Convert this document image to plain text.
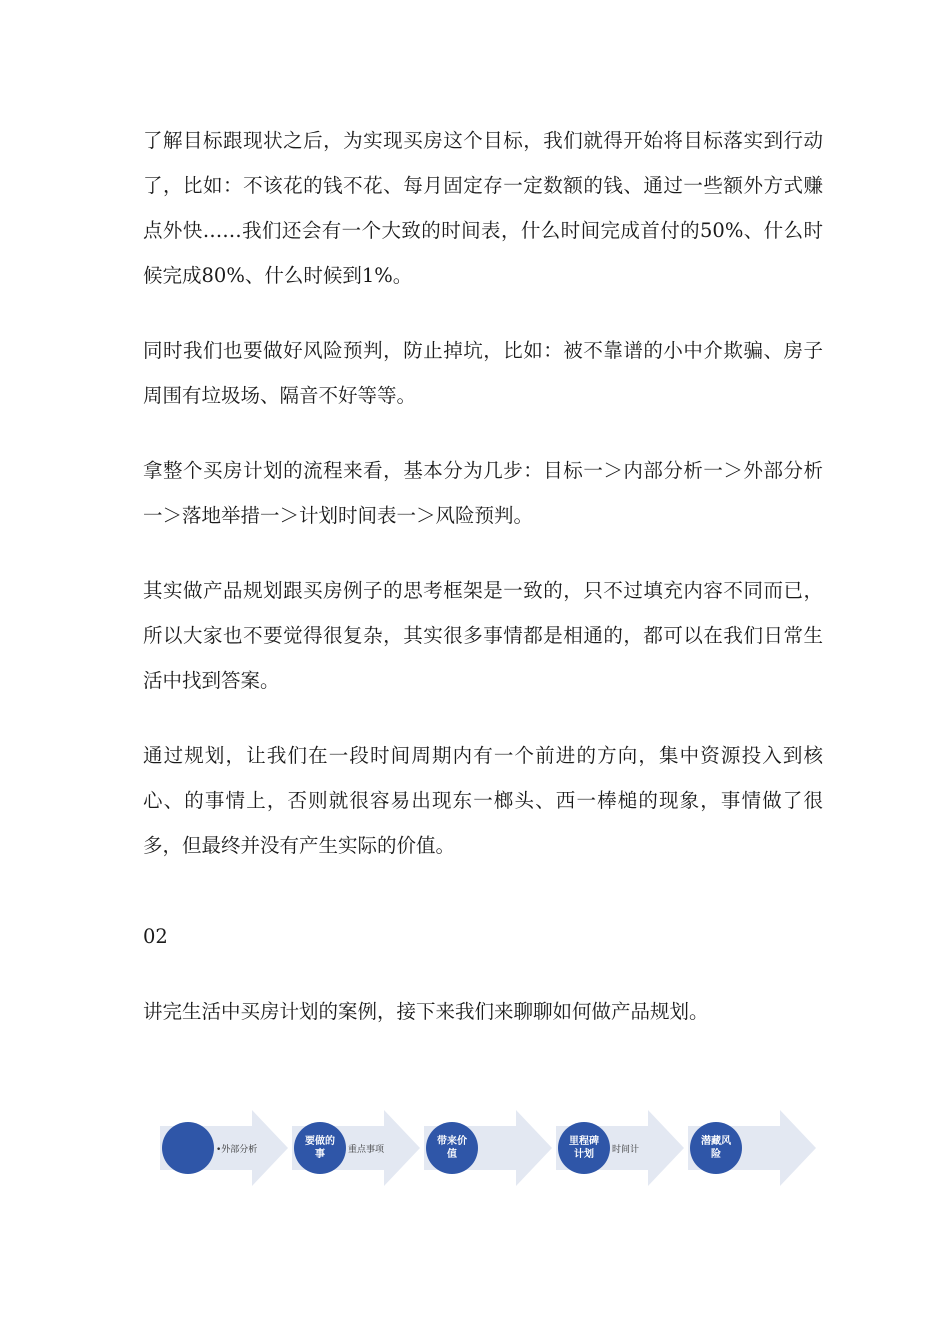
了解目标跟现状之后，为实现买房这个目标，我们就得开始将目标落实到行动了，比如：不该花的钱不花、每月固定存一定数额的钱、通过一些额外方式赚点外快……我们还会有一个大致的时间表，什么时间完成首付的50%、什么时候完成80%、什么时候到1%。

同时我们也要做好风险预判，防止掉坑，比如：被不靠谱的小中介欺骗、房子周围有垃圾场、隔音不好等等。

拿整个买房计划的流程来看，基本分为几步：目标一＞内部分析一＞外部分析一＞落地举措一＞计划时间表一＞风险预判。

其实做产品规划跟买房例子的思考框架是一致的，只不过填充内容不同而已，所以大家也不要觉得很复杂，其实很多事情都是相通的，都可以在我们日常生活中找到答案。

通过规划，让我们在一段时间周期内有一个前进的方向，集中资源投入到核心、的事情上，否则就很容易出现东一榔头、西一棒槌的现象，事情做了很多，但最终并没有产生实际的价值。

02

讲完生活中买房计划的案例，接下来我们来聊聊如何做产品规划。

•外部分析
要做的事	重点事项
带来价值
里程碑计划	时间计
潜藏风险
